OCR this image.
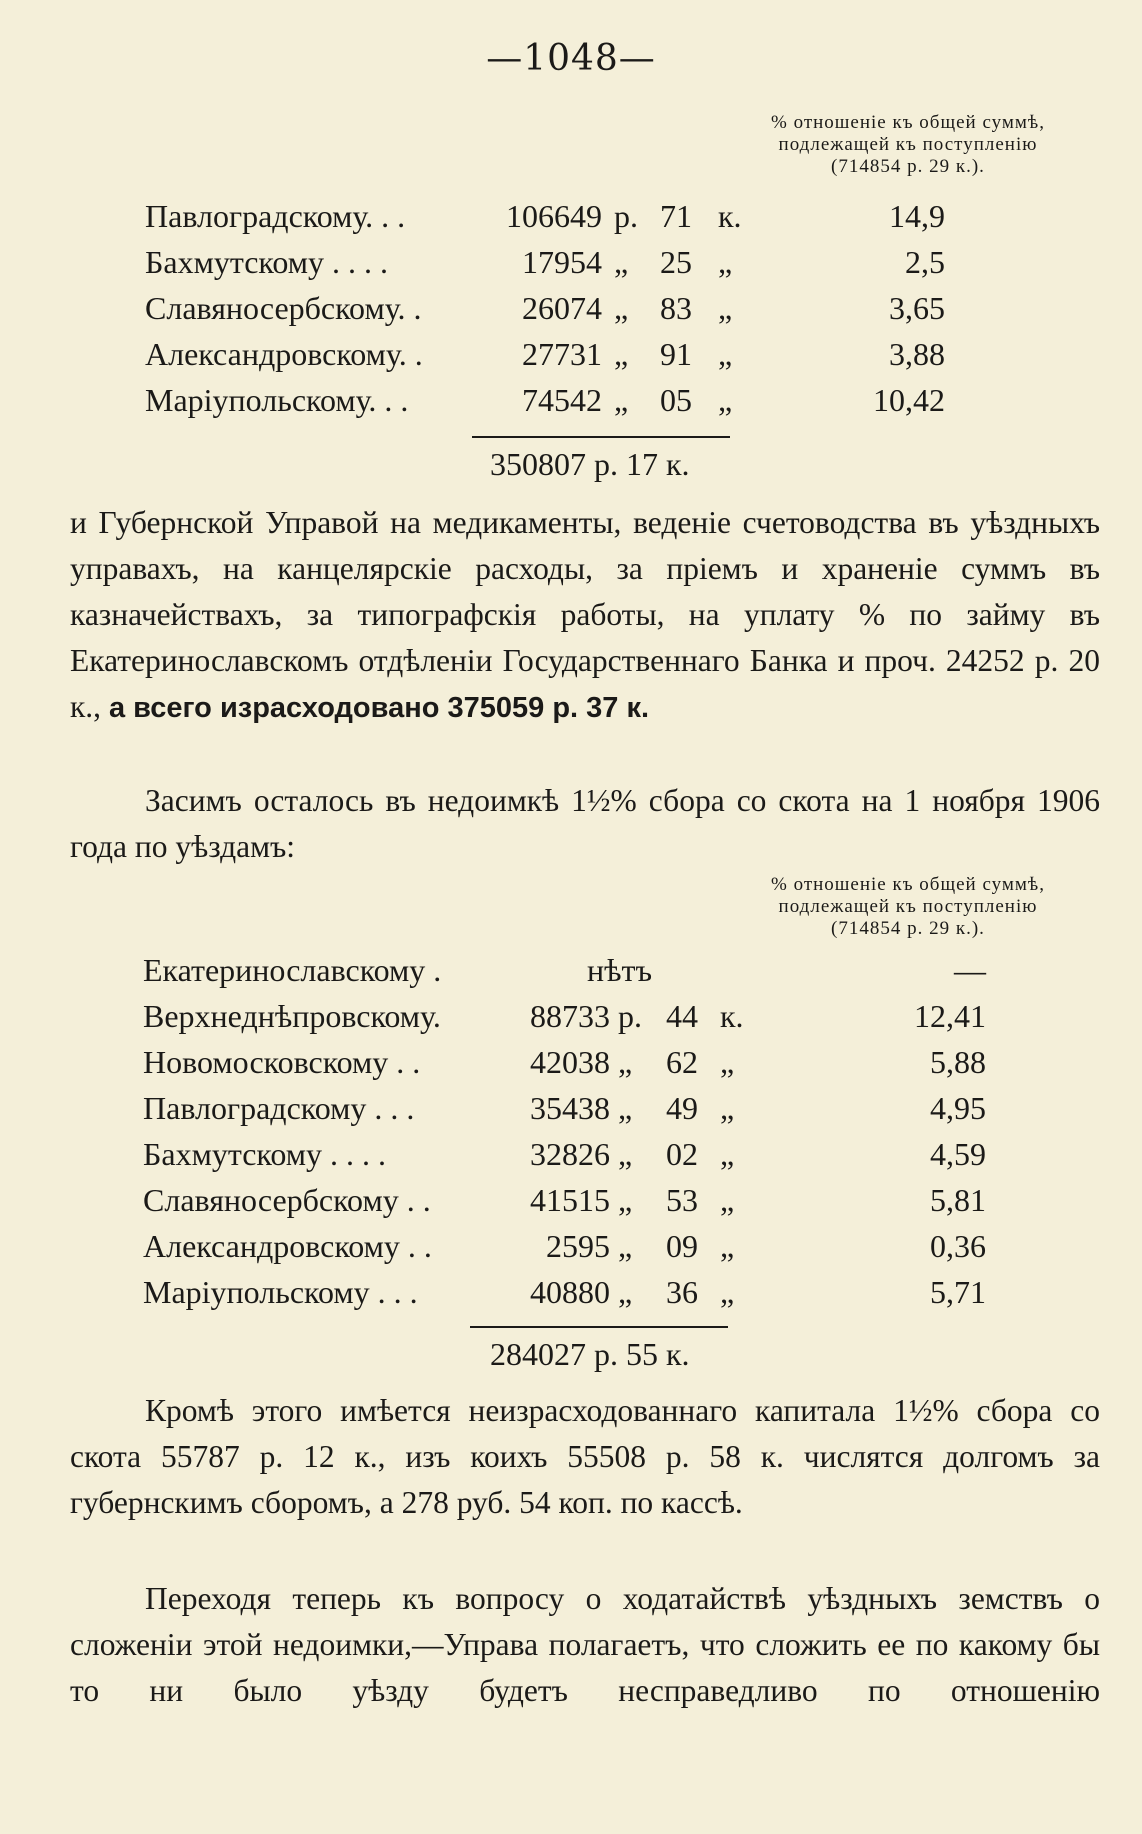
—1048—
% отношеніе къ общей суммѣ,
подлежащей къ поступленію
(714854 р. 29 к.).
Павлоградскому. . .	106649 р. 71 к.	14,9
Бахмутскому . . . .	17954 „ 25 „	2,5
Славяносербскому. .	26074 „ 83 „	3,65
Александровскому. .	27731 „ 91 „	3,88
Маріупольскому. . .	74542 „ 05 „	10,42
350807 р. 17 к.

и Губернской Управой на медикаменты, веденіе счетоводства въ уѣздныхъ управахъ, на канцелярскіе расходы, за пріемъ и храненіе суммъ въ казначействахъ, за типографскія работы, на уплату % по займу въ Екатеринославскомъ отдѣленіи Государственнаго Банка и проч. 24252 р. 20 к., а всего израсходовано 375059 р. 37 к.

Засимъ осталось въ недоимкѣ 1½% сбора со скота на 1 ноября 1906 года по уѣздамъ:

% отношеніе къ общей суммѣ,
подлежащей къ поступленію
(714854 р. 29 к.).
Екатеринославскому .	нѣтъ	—
Верхнеднѣпровскому.	88733 р. 44 к.	12,41
Новомосковскому . .	42038 „ 62 „	5,88
Павлоградскому . . .	35438 „ 49 „	4,95
Бахмутскому . . . .	32826 „ 02 „	4,59
Славяносербскому . .	41515 „ 53 „	5,81
Александровскому . .	2595 „ 09 „	0,36
Маріупольскому . . .	40880 „ 36 „	5,71
284027 р. 55 к.

Кромѣ этого имѣется неизрасходованнаго капитала 1½% сбора со скота 55787 р. 12 к., изъ коихъ 55508 р. 58 к. числятся долгомъ за губернскимъ сборомъ, а 278 руб. 54 коп. по кассѣ.

Переходя теперь къ вопросу о ходатайствѣ уѣздныхъ земствъ о сложеніи этой недоимки,—Управа полагаетъ, что сложить ее по какому бы то ни было уѣзду будетъ несправедливо по отношенію
